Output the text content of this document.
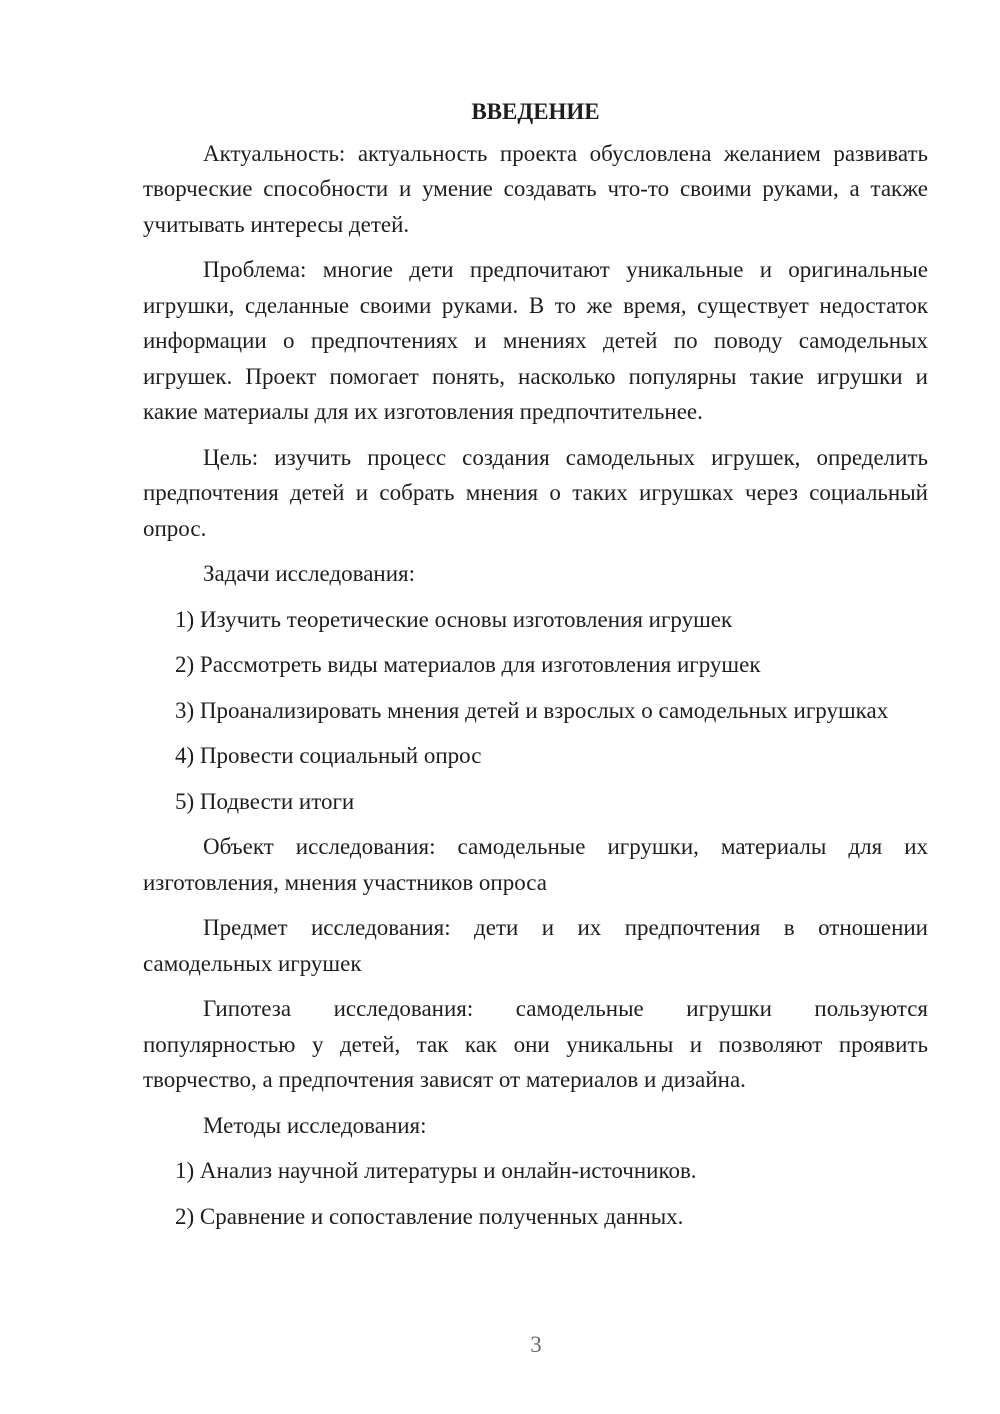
ВВЕДЕНИЕ
Актуальность: актуальность проекта обусловлена желанием развивать творческие способности и умение создавать что-то своими руками, а также учитывать интересы детей.
Проблема: многие дети предпочитают уникальные и оригинальные игрушки, сделанные своими руками. В то же время, существует недостаток информации о предпочтениях и мнениях детей по поводу самодельных игрушек. Проект помогает понять, насколько популярны такие игрушки и какие материалы для их изготовления предпочтительнее.
Цель: изучить процесс создания самодельных игрушек, определить предпочтения детей и собрать мнения о таких игрушках через социальный опрос.
Задачи исследования:
1) Изучить теоретические основы изготовления игрушек
2) Рассмотреть виды материалов для изготовления игрушек
3) Проанализировать мнения детей и взрослых о самодельных игрушках
4) Провести социальный опрос
5) Подвести итоги
Объект исследования: самодельные игрушки, материалы для их изготовления, мнения участников опроса
Предмет исследования: дети и их предпочтения в отношении самодельных игрушек
Гипотеза исследования: самодельные игрушки пользуются популярностью у детей, так как они уникальны и позволяют проявить творчество, а предпочтения зависят от материалов и дизайна.
Методы исследования:
1) Анализ научной литературы и онлайн-источников.
2) Сравнение и сопоставление полученных данных.
3
